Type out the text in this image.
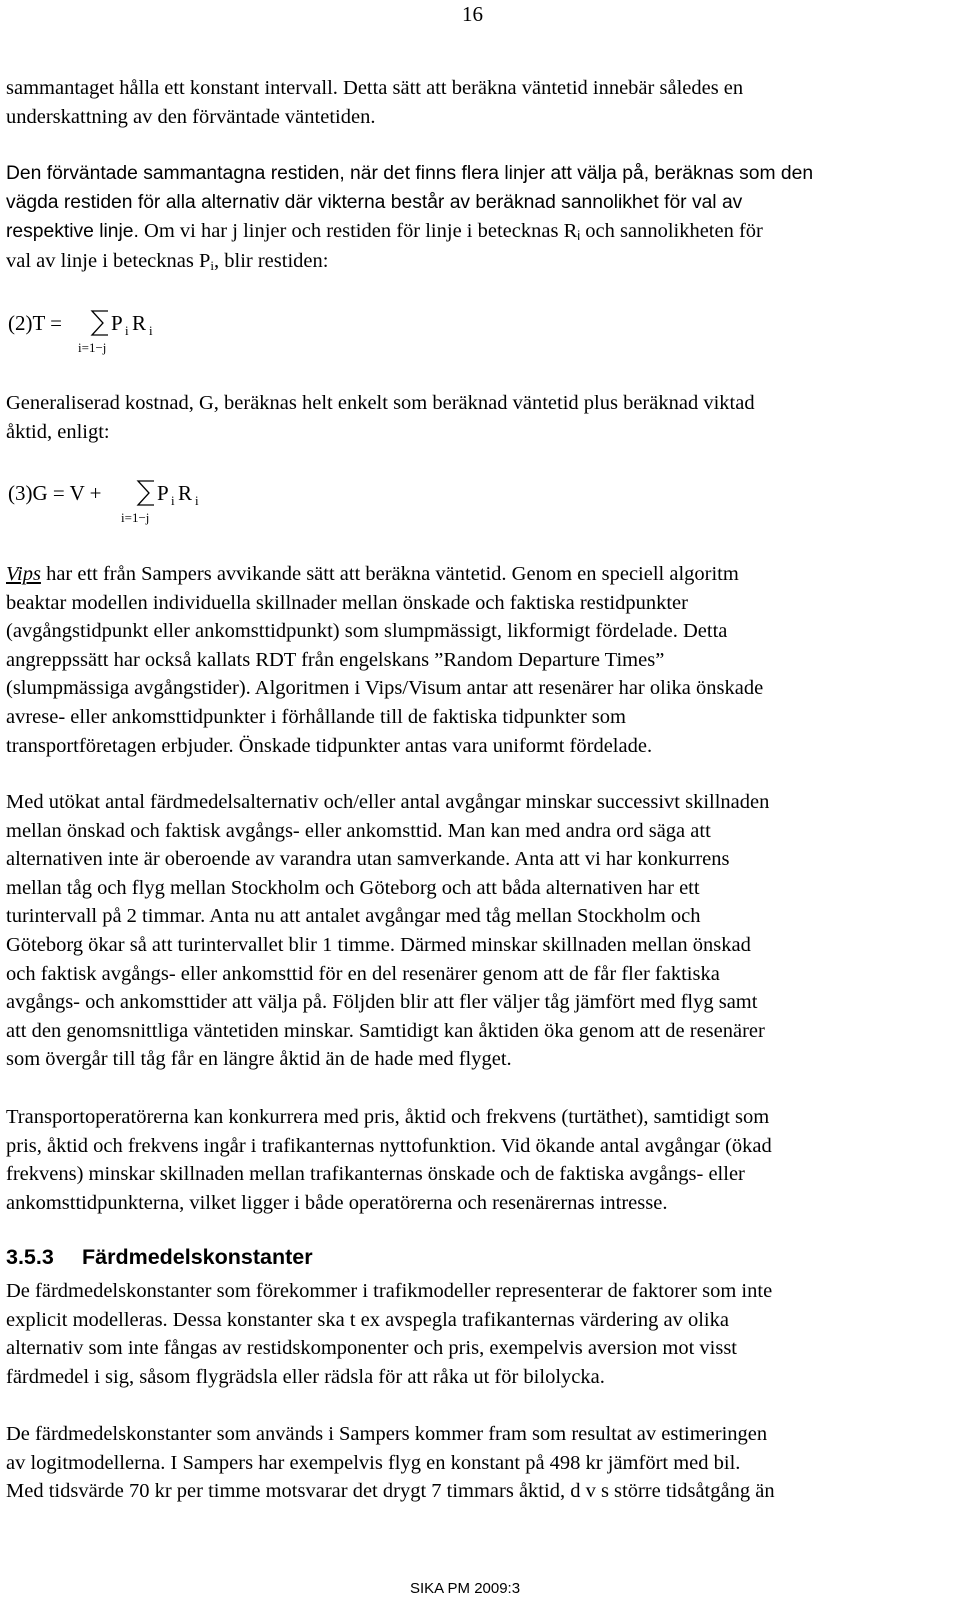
16
sammantaget hålla ett konstant intervall. Detta sätt att beräkna väntetid innebär således en
underskattning av den förväntade väntetiden.
Den förväntade sammantagna restiden, när det finns flera linjer att välja på, beräknas som den
vägda restiden för alla alternativ där vikterna består av beräknad sannolikhet för val av
respektive linje. Om vi har j linjer och restiden för linje i betecknas $R_i$ och sannolikheten för
val av linje i betecknas $P_i$, blir restiden:
(2)T = P i R i
i=1−j
Generaliserad kostnad, G, beräknas helt enkelt som beräknad väntetid plus beräknad viktad
åktid, enligt:
(3)G = V +	P i R i
i=1−j
Vips har ett från Sampers avvikande sätt att beräkna väntetid. Genom en speciell algoritm
beaktar modellen individuella skillnader mellan önskade och faktiska restidpunkter
(avgångstidpunkt eller ankomsttidpunkt) som slumpmässigt, likformigt fördelade. Detta
angreppssätt har också kallats RDT från engelskans ”Random Departure Times”
(slumpmässiga avgångstider). Algoritmen i Vips/Visum antar att resenärer har olika önskade
avrese- eller ankomsttidpunkter i förhållande till de faktiska tidpunkter som
transportföretagen erbjuder. Önskade tidpunkter antas vara uniformt fördelade.
Med utökat antal färdmedelsalternativ och/eller antal avgångar minskar successivt skillnaden
mellan önskad och faktisk avgångs- eller ankomsttid. Man kan med andra ord säga att
alternativen inte är oberoende av varandra utan samverkande. Anta att vi har konkurrens
mellan tåg och flyg mellan Stockholm och Göteborg och att båda alternativen har ett
turintervall på 2 timmar. Anta nu att antalet avgångar med tåg mellan Stockholm och
Göteborg ökar så att turintervallet blir 1 timme. Därmed minskar skillnaden mellan önskad
och faktisk avgångs- eller ankomsttid för en del resenärer genom att de får fler faktiska
avgångs- och ankomsttider att välja på. Följden blir att fler väljer tåg jämfört med flyg samt
att den genomsnittliga väntetiden minskar. Samtidigt kan åktiden öka genom att de resenärer
som övergår till tåg får en längre åktid än de hade med flyget.
Transportoperatörerna kan konkurrera med pris, åktid och frekvens (turtäthet), samtidigt som
pris, åktid och frekvens ingår i trafikanternas nyttofunktion. Vid ökande antal avgångar (ökad
frekvens) minskar skillnaden mellan trafikanternas önskade och de faktiska avgångs- eller
ankomsttidpunkterna, vilket ligger i både operatörerna och resenärernas intresse.
3.5.3 Färdmedelskonstanter
De färdmedelskonstanter som förekommer i trafikmodeller representerar de faktorer som inte
explicit modelleras. Dessa konstanter ska t ex avspegla trafikanternas värdering av olika
alternativ som inte fångas av restidskomponenter och pris, exempelvis aversion mot visst
färdmedel i sig, såsom flygrädsla eller rädsla för att råka ut för bilolycka.
De färdmedelskonstanter som används i Sampers kommer fram som resultat av estimeringen
av logitmodellerna. I Sampers har exempelvis flyg en konstant på 498 kr jämfört med bil.
Med tidsvärde 70 kr per timme motsvarar det drygt 7 timmars åktid, d v s större tidsåtgång än
SIKA PM 2009:3
